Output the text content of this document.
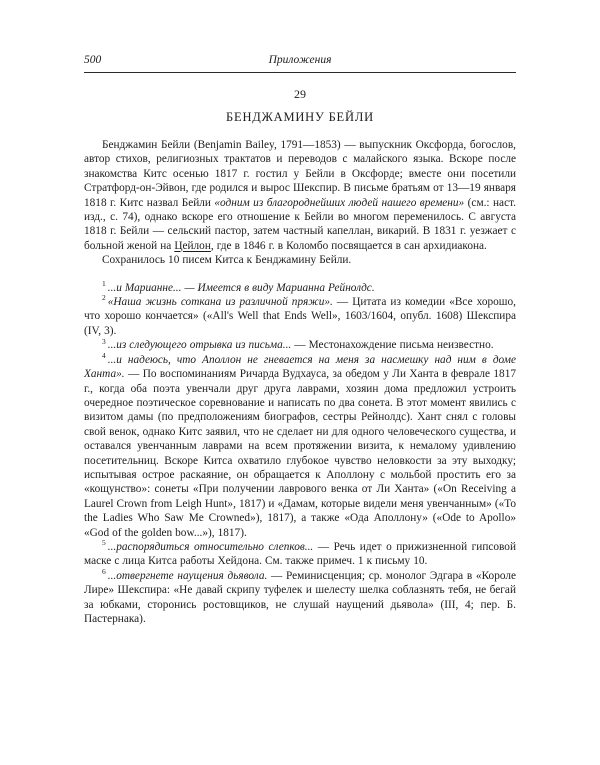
500	Приложения
29
БЕНДЖАМИНУ БЕЙЛИ

Бенджамин Бейли (Benjamin Bailey, 1791—1853) — выпускник Оксфорда, богослов, автор стихов, религиозных трактатов и переводов с малайского языка. Вскоре после знакомства Китс осенью 1817 г. гостил у Бейли в Оксфорде; вместе они посетили Стратфорд-он-Эйвон, где родился и вырос Шекспир. В письме братьям от 13—19 января 1818 г. Китс назвал Бейли «одним из благороднейших людей нашего времени» (см.: наст. изд., с. 74), однако вскоре его отношение к Бейли во многом переменилось. С августа 1818 г. Бейли — сельский пастор, затем частный капеллан, викарий. В 1831 г. уезжает с больной женой на Цейлон, где в 1846 г. в Коломбо посвящается в сан архидиакона.

Сохранилось 10 писем Китса к Бенджамину Бейли.

$^1$ ...и Марианне... — Имеется в виду Марианна Рейнолдс.

$^2$ «Наша жизнь соткана из различной пряжи». — Цитата из комедии «Все хорошо, что хорошо кончается» («All's Well that Ends Well», 1603/1604, опубл. 1608) Шекспира (IV, 3).

$^3$ ...из следующего отрывка из письма... — Местонахождение письма неизвестно.

$^4$ ...и надеюсь, что Аполлон не гневается на меня за насмешку над ним в доме Ханта». — По воспоминаниям Ричарда Вудхауса, за обедом у Ли Ханта в феврале 1817 г., когда оба поэта увенчали друг друга лаврами, хозяин дома предложил устроить очередное поэтическое соревнование и написать по два сонета. В этот момент явились с визитом дамы (по предположениям биографов, сестры Рейнолдс). Хант снял с головы свой венок, однако Китс заявил, что не сделает ни для одного человеческого существа, и оставался увенчанным лаврами на всем протяжении визита, к немалому удивлению посетительниц. Вскоре Китса охватило глубокое чувство неловкости за эту выходку; испытывая острое раскаяние, он обращается к Аполлону с мольбой простить его за «кощунство»: сонеты «При получении лаврового венка от Ли Ханта» («On Receiving a Laurel Crown from Leigh Hunt», 1817) и «Дамам, которые видели меня увенчанным» («To the Ladies Who Saw Me Crowned»), 1817), а также «Ода Аполлону» («Ode to Apollo» «God of the golden bow...»), 1817).

$^5$ ...распорядиться относительно слепков... — Речь идет о прижизненной гипсовой маске с лица Китса работы Хейдона. См. также примеч. 1 к письму 10.

$^6$ ...отвергнете наущения дьявола. — Реминисценция; ср. монолог Эдгара в «Короле Лире» Шекспира: «Не давай скрипу туфелек и шелесту шелка соблазнять тебя, не бегай за юбками, сторонись ростовщиков, не слушай наущений дьявола» (III, 4; пер. Б. Пастернака).
